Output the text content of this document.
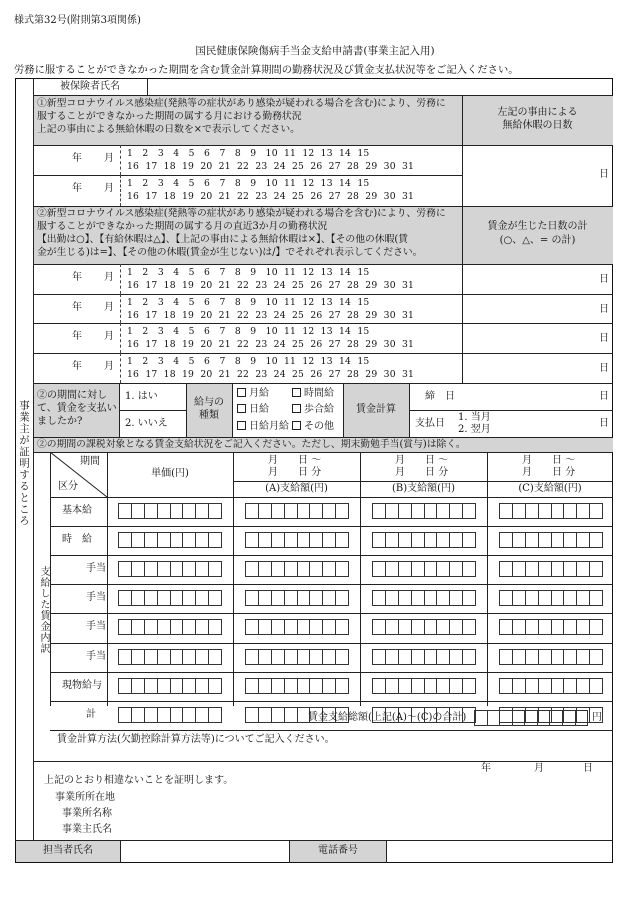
様式第32号(附則第3項関係)
国民健康保険傷病手当金支給申請書(事業主記入用)
労務に服することができなかった期間を含む賃金計算期間の勤務状況及び賃金支払状況等をご記入ください。
事業主が証明するところ
被保険者氏名
①新型コロナウイルス感染症(発熱等の症状があり感染が疑われる場合を含む)により、労務に
服することができなかった期間の属する月における勤務状況
上記の事由による無給休暇の日数を×で表示してください。
左記の事由による
無給休暇の日数
年 月 1   2   3   4   5   6   7   8   9   10  11  12  13  14  15
16  17  18  19  20  21  22  23  24  25  26  27  28  29  30  31
年 月 1   2   3   4   5   6   7   8   9   10  11  12  13  14  15
16  17  18  19  20  21  22  23  24  25  26  27  28  29  30  31
日
②新型コロナウイルス感染症(発熱等の症状があり感染が疑われる場合を含む)により、労務に
服することができなかった期間の属する月の直近3か月の勤務状況
【出勤は○】、【有給休暇は△】、【上記の事由による無給休暇は×】、【その他の休暇(賃
金が生じる)は=】、【その他の休暇(賃金が生じない)は/】でそれぞれ表示してください。
賃金が生じた日数の計
(○、△、= の計)
年 月 1   2   3   4   5   6   7   8   9   10  11  12  13  14  15
16  17  18  19  20  21  22  23  24  25  26  27  28  29  30  31
日
年 月 1   2   3   4   5   6   7   8   9   10  11  12  13  14  15
16  17  18  19  20  21  22  23  24  25  26  27  28  29  30  31
日
年 月 1   2   3   4   5   6   7   8   9   10  11  12  13  14  15
16  17  18  19  20  21  22  23  24  25  26  27  28  29  30  31
日
年 月 1   2   3   4   5   6   7   8   9   10  11  12  13  14  15
16  17  18  19  20  21  22  23  24  25  26  27  28  29  30  31
日
②の期間に対し
て、賃金を支払い
ましたか?
1. はい
2. いいえ
給与の
種類
月給	時間給
日給	歩合給
日給月給	その他
賃金計算
締　日	日
支払日
1. 当月
2. 翌月
日
②の期間の課税対象となる賃金支給状況をご記入ください。ただし、期末勤勉手当(賞与)は除く。
支給した賃金内訳
期間
区分
単価(円)
月　　日 〜
月　　日 分
月　　日 〜
月　　日 分
月　　日 〜
月　　日 分
(A)支給額(円)	(B)支給額(円)	(C)支給額(円)
基本給
時　給
手当
手当
手当
手当
現物給与
計	賃金支給総額(上記(A)〜(C)の合計)	円
賃金計算方法(欠勤控除計算方法等)についてご記入ください。
年	月	日
上記のとおり相違ないことを証明します。
事業所所在地
事業所名称
事業主氏名
担当者氏名	電話番号
